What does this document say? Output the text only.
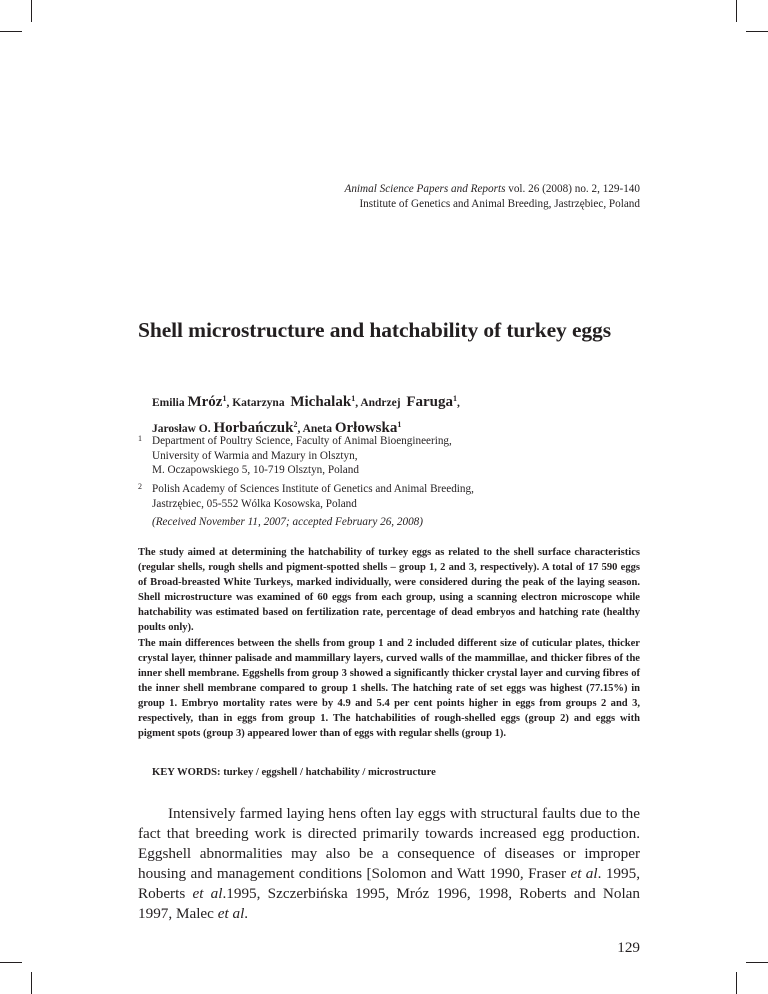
Animal Science Papers and Reports vol. 26 (2008) no. 2, 129-140
Institute of Genetics and Animal Breeding, Jastrzębiec, Poland
Shell microstructure and hatchability of turkey eggs
Emilia Mróz$^1$, Katarzyna Michalak$^1$, Andrzej Faruga$^1$,
Jarosław O. Horbańczuk$^2$, Aneta Orłowska$^1$
1 Department of Poultry Science, Faculty of Animal Bioengineering,
University of Warmia and Mazury in Olsztyn,
M. Oczapowskiego 5, 10-719 Olsztyn, Poland
2 Polish Academy of Sciences Institute of Genetics and Animal Breeding,
Jastrzębiec, 05-552 Wólka Kosowska, Poland
(Received November 11, 2007; accepted February 26, 2008)

The study aimed at determining the hatchability of turkey eggs as related to the shell surface characteristics (regular shells, rough shells and pigment-spotted shells – group 1, 2 and 3, respectively). A total of 17 590 eggs of Broad-breasted White Turkeys, marked individually, were considered during the peak of the laying season. Shell microstructure was examined of 60 eggs from each group, using a scanning electron microscope while hatchability was estimated based on fertilization rate, percentage of dead embryos and hatching rate (healthy poults only).

The main differences between the shells from group 1 and 2 included different size of cuticular plates, thicker crystal layer, thinner palisade and mammillary layers, curved walls of the mammillae, and thicker fibres of the inner shell membrane. Eggshells from group 3 showed a significantly thicker crystal layer and curving fibres of the inner shell membrane compared to group 1 shells. The hatching rate of set eggs was highest (77.15%) in group 1. Embryo mortality rates were by 4.9 and 5.4 per cent points higher in eggs from groups 2 and 3, respectively, than in eggs from group 1. The hatchabilities of rough-shelled eggs (group 2) and eggs with pigment spots (group 3) appeared lower than of eggs with regular shells (group 1).

KEY WORDS: turkey / eggshell / hatchability / microstructure

Intensively farmed laying hens often lay eggs with structural faults due to the fact that breeding work is directed primarily towards increased egg production. Eggshell abnormalities may also be a consequence of diseases or improper housing and management conditions [Solomon and Watt 1990, Fraser et al. 1995, Roberts et al.1995, Szczerbińska 1995, Mróz 1996, 1998, Roberts and Nolan 1997, Malec et al.

129
